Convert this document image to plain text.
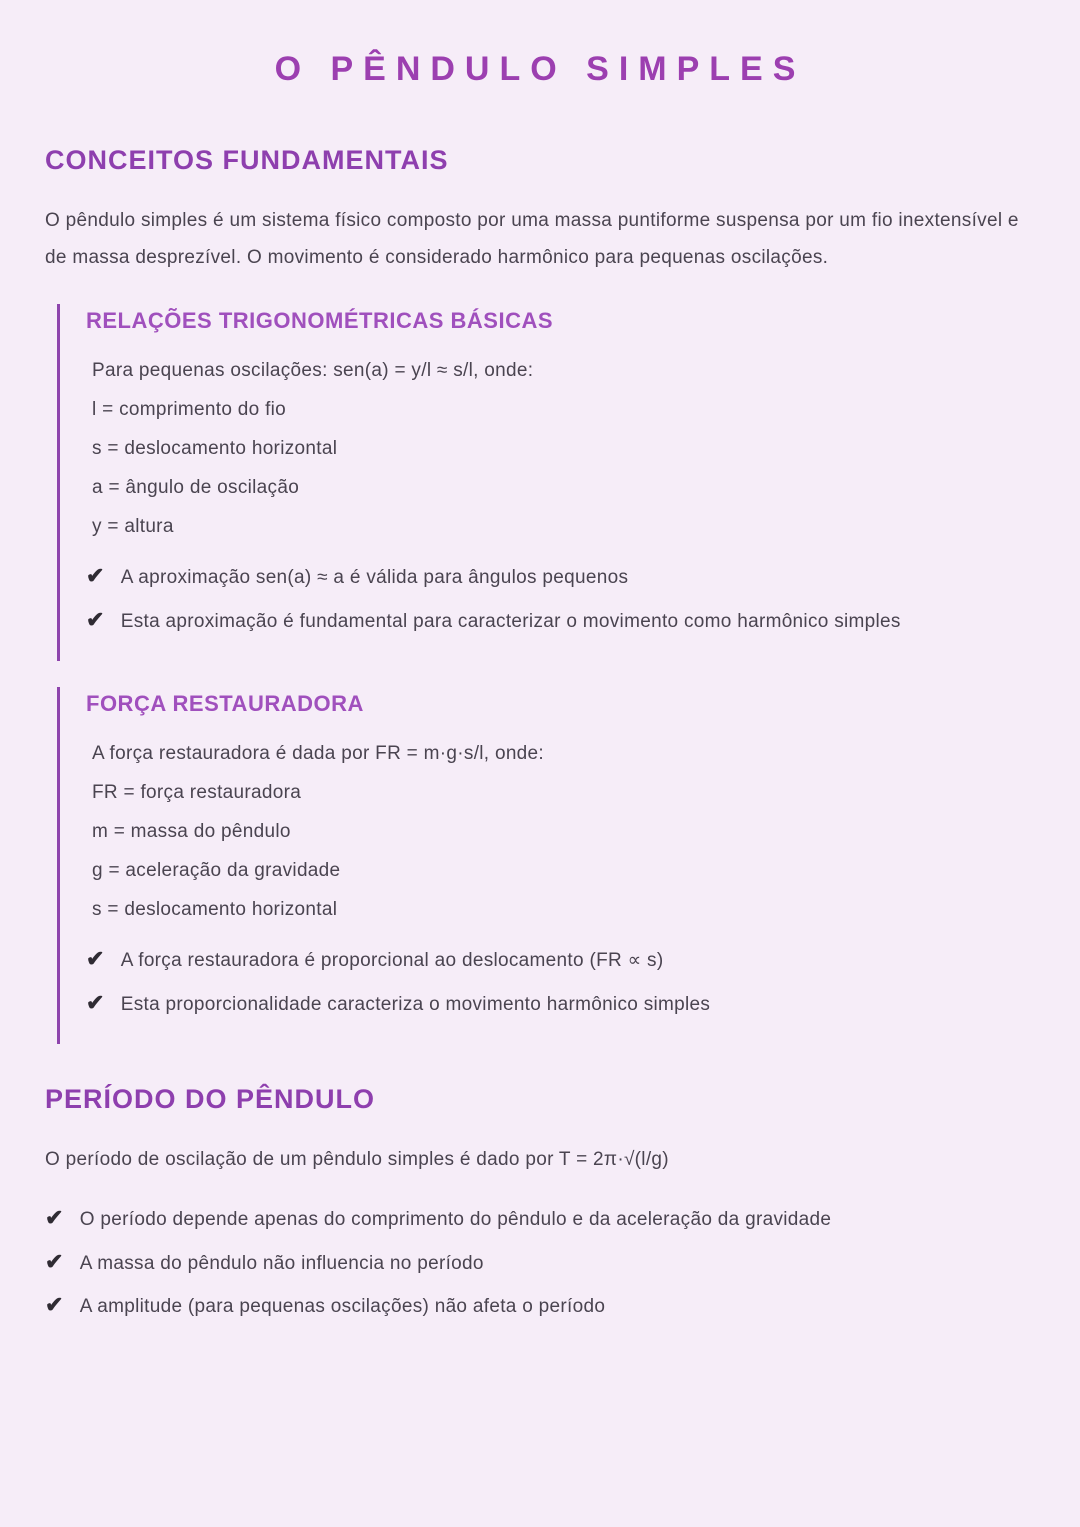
O PÊNDULO SIMPLES
CONCEITOS FUNDAMENTAIS

O pêndulo simples é um sistema físico composto por uma massa puntiforme suspensa por um fio inextensível e de massa desprezível. O movimento é considerado harmônico para pequenas oscilações.

RELAÇÕES TRIGONOMÉTRICAS BÁSICAS

Para pequenas oscilações: sen(a) = y/l ≈ s/l, onde:

l = comprimento do fio

s = deslocamento horizontal

a = ângulo de oscilação

y = altura

✔ A aproximação sen(a) ≈ a é válida para ângulos pequenos
✔ Esta aproximação é fundamental para caracterizar o movimento como harmônico simples
FORÇA RESTAURADORA

A força restauradora é dada por FR = m·g·s/l, onde:

FR = força restauradora

m = massa do pêndulo

g = aceleração da gravidade

s = deslocamento horizontal

✔ A força restauradora é proporcional ao deslocamento (FR ∝ s)
✔ Esta proporcionalidade caracteriza o movimento harmônico simples
PERÍODO DO PÊNDULO

O período de oscilação de um pêndulo simples é dado por T = 2π·√(l/g)

✔ O período depende apenas do comprimento do pêndulo e da aceleração da gravidade
✔ A massa do pêndulo não influencia no período
✔ A amplitude (para pequenas oscilações) não afeta o período
